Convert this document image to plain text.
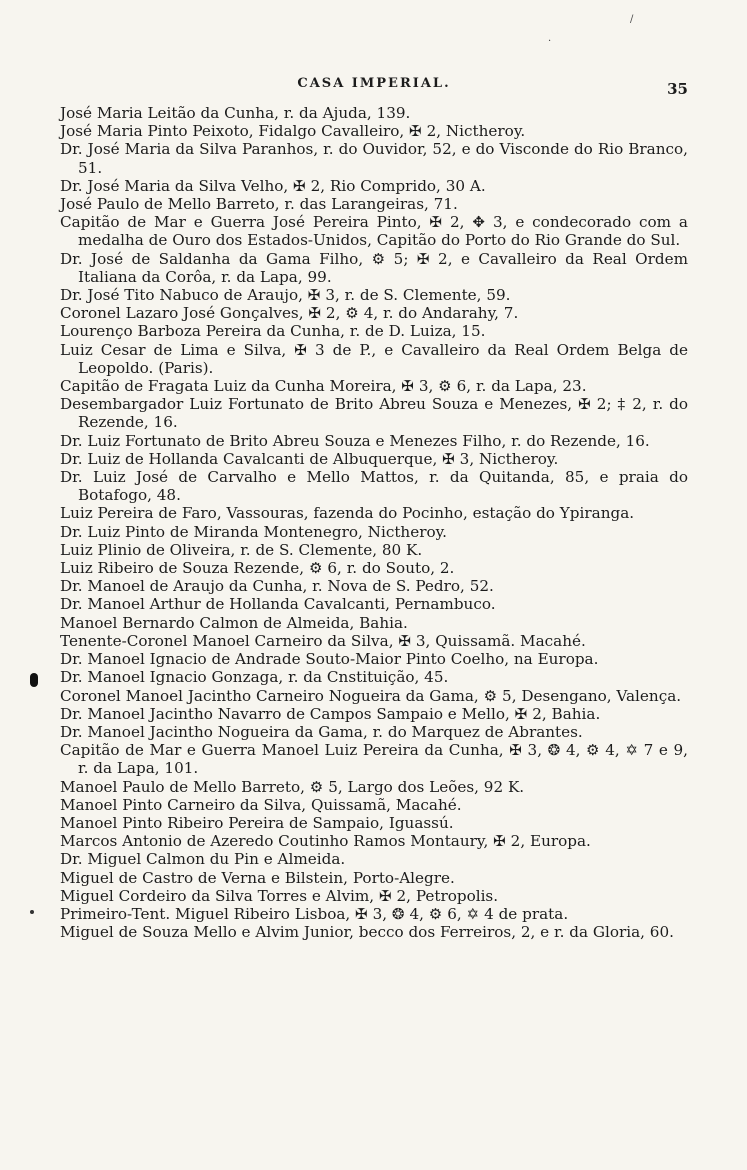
/
·
CASA IMPERIAL.	35

José Maria Leitão da Cunha, r. da Ajuda, 139.

José Maria Pinto Peixoto, Fidalgo Cavalleiro, ✠ 2, Nictheroy.

Dr. José Maria da Silva Paranhos, r. do Ouvidor, 52, e do Visconde do Rio Branco, 51.

Dr. José Maria da Silva Velho, ✠ 2, Rio Comprido, 30 A.

José Paulo de Mello Barreto, r. das Larangeiras, 71.

Capitão de Mar e Guerra José Pereira Pinto, ✠ 2, ✥ 3, e condecorado com a medalha de Ouro dos Estados-Unidos, Capitão do Porto do Rio Grande do Sul.

Dr. José de Saldanha da Gama Filho, ⚙ 5; ✠ 2, e Cavalleiro da Real Ordem Italiana da Corôa, r. da Lapa, 99.

Dr. José Tito Nabuco de Araujo, ✠ 3, r. de S. Clemente, 59.

Coronel Lazaro José Gonçalves, ✠ 2, ⚙ 4, r. do Andarahy, 7.

Lourenço Barboza Pereira da Cunha, r. de D. Luiza, 15.

Luiz Cesar de Lima e Silva, ✠ 3 de P., e Cavalleiro da Real Ordem Belga de Leopoldo. (Paris).

Capitão de Fragata Luiz da Cunha Moreira, ✠ 3, ⚙ 6, r. da Lapa, 23.

Desembargador Luiz Fortunato de Brito Abreu Souza e Menezes, ✠ 2; ‡ 2, r. do Rezende, 16.

Dr. Luiz Fortunato de Brito Abreu Souza e Menezes Filho, r. do Rezende, 16.

Dr. Luiz de Hollanda Cavalcanti de Albuquerque, ✠ 3, Nictheroy.

Dr. Luiz José de Carvalho e Mello Mattos, r. da Quitanda, 85, e praia do Botafogo, 48.

Luiz Pereira de Faro, Vassouras, fazenda do Pocinho, estação do Ypiranga.

Dr. Luiz Pinto de Miranda Montenegro, Nictheroy.

Luiz Plinio de Oliveira, r. de S. Clemente, 80 K.

Luiz Ribeiro de Souza Rezende, ⚙ 6, r. do Souto, 2.

Dr. Manoel de Araujo da Cunha, r. Nova de S. Pedro, 52.

Dr. Manoel Arthur de Hollanda Cavalcanti, Pernambuco.

Manoel Bernardo Calmon de Almeida, Bahia.

Tenente-Coronel Manoel Carneiro da Silva, ✠ 3, Quissamã. Macahé.

Dr. Manoel Ignacio de Andrade Souto-Maior Pinto Coelho, na Europa.

Dr. Manoel Ignacio Gonzaga, r. da Cnstituição, 45.

Coronel Manoel Jacintho Carneiro Nogueira da Gama, ⚙ 5, Desengano, Valença.

Dr. Manoel Jacintho Navarro de Campos Sampaio e Mello, ✠ 2, Bahia.

Dr. Manoel Jacintho Nogueira da Gama, r. do Marquez de Abrantes.

Capitão de Mar e Guerra Manoel Luiz Pereira da Cunha, ✠ 3, ❂ 4, ⚙ 4, ✡ 7 e 9, r. da Lapa, 101.

Manoel Paulo de Mello Barreto, ⚙ 5, Largo dos Leões, 92 K.

Manoel Pinto Carneiro da Silva, Quissamã, Macahé.

Manoel Pinto Ribeiro Pereira de Sampaio, Iguassú.

Marcos Antonio de Azeredo Coutinho Ramos Montaury, ✠ 2, Europa.

Dr. Miguel Calmon du Pin e Almeida.

Miguel de Castro de Verna e Bilstein, Porto-Alegre.

Miguel Cordeiro da Silva Torres e Alvim, ✠ 2, Petropolis.

Primeiro-Tent. Miguel Ribeiro Lisboa, ✠ 3, ❂ 4, ⚙ 6, ✡ 4 de prata.

Miguel de Souza Mello e Alvim Junior, becco dos Ferreiros, 2, e r. da Gloria, 60.
